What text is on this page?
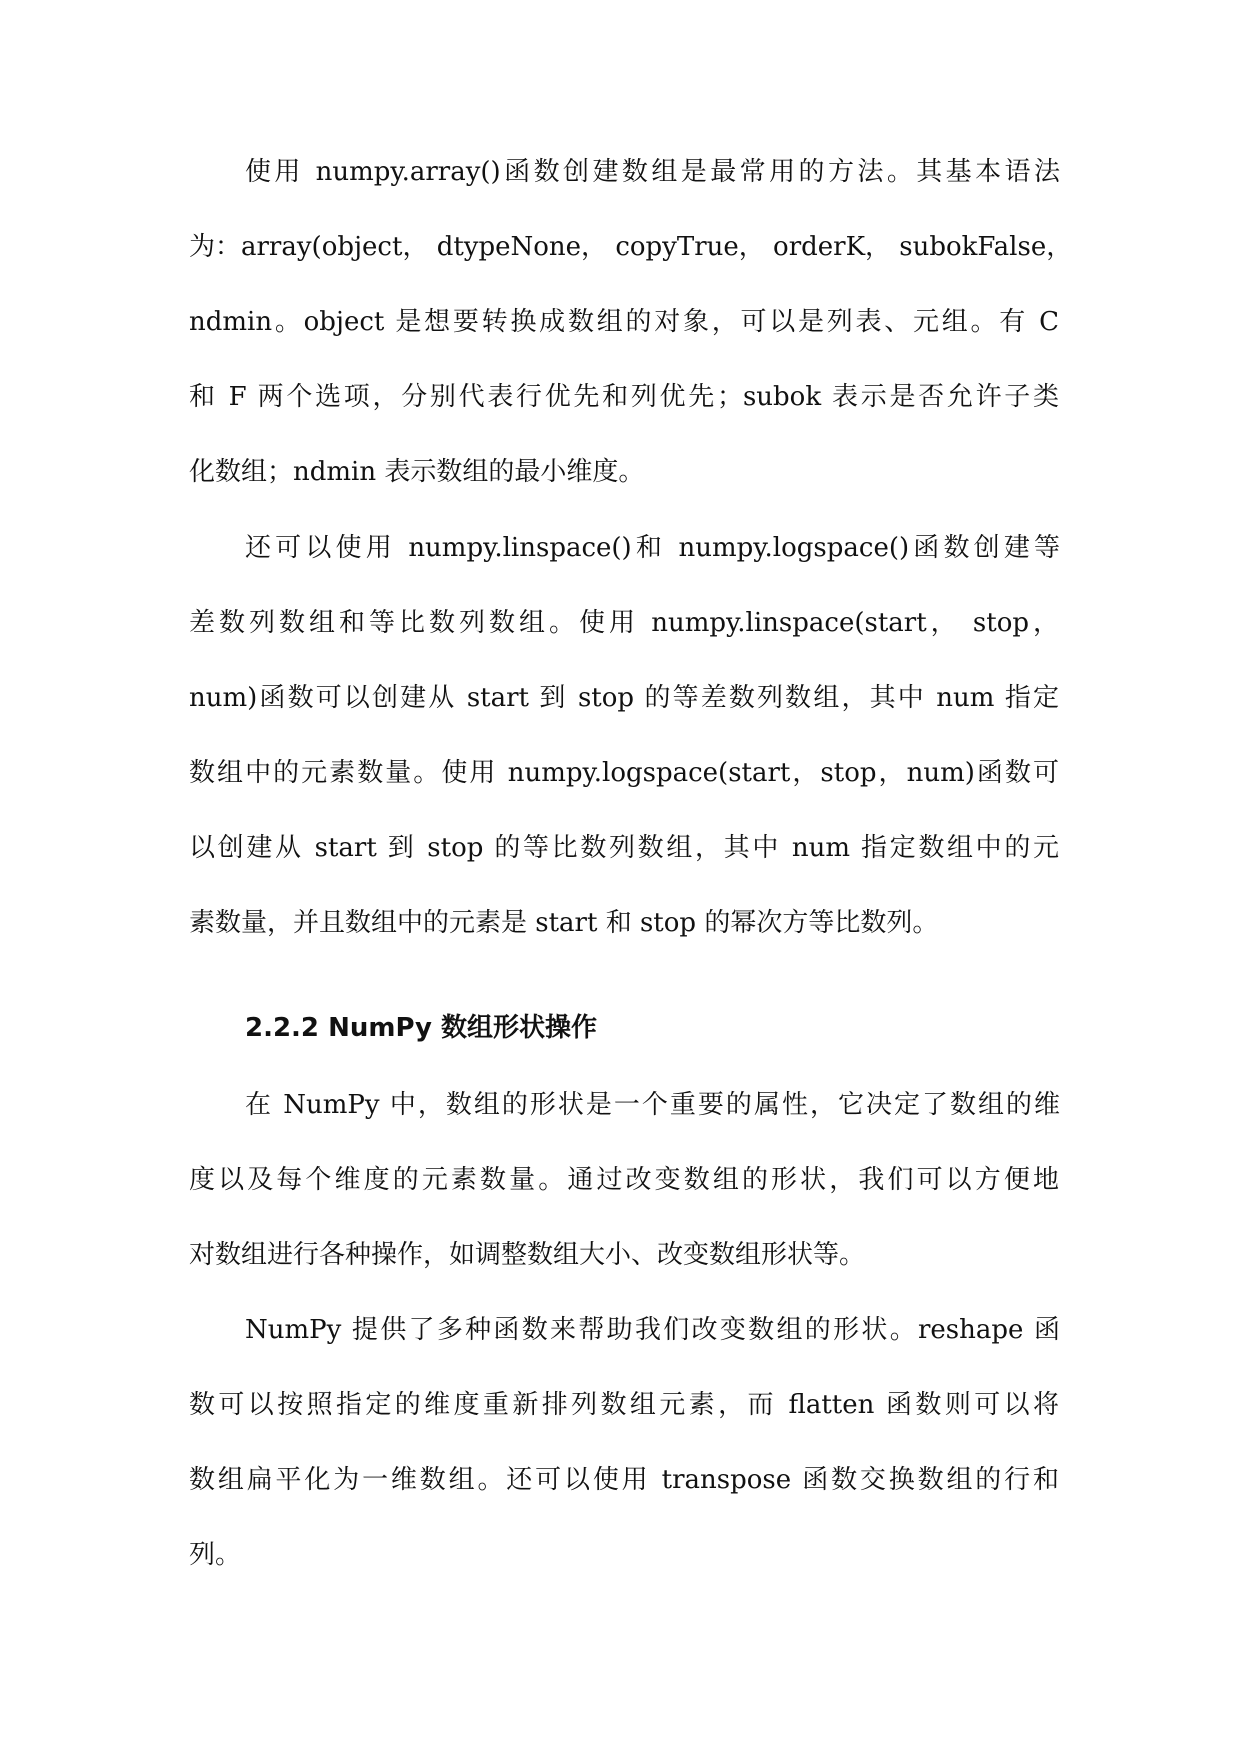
使用 numpy.array()函数创建数组是最常用的方法。其基本语法
为：array(object， dtypeNone， copyTrue， orderK， subokFalse，
ndmin。object 是想要转换成数组的对象，可以是列表、元组。有 C
和 F 两个选项，分别代表行优先和列优先；subok 表示是否允许子类
化数组；ndmin 表示数组的最小维度。
还可以使用 numpy.linspace()和 numpy.logspace()函数创建等
差数列数组和等比数列数组。使用 numpy.linspace(start， stop，
num)函数可以创建从 start 到 stop 的等差数列数组，其中 num 指定
数组中的元素数量。使用 numpy.logspace(start，stop，num)函数可
以创建从 start 到 stop 的等比数列数组，其中 num 指定数组中的元
素数量，并且数组中的元素是 start 和 stop 的幂次方等比数列。
2.2.2 NumPy 数组形状操作
在 NumPy 中，数组的形状是一个重要的属性，它决定了数组的维
度以及每个维度的元素数量。通过改变数组的形状，我们可以方便地
对数组进行各种操作，如调整数组大小、改变数组形状等。
NumPy 提供了多种函数来帮助我们改变数组的形状。reshape 函
数可以按照指定的维度重新排列数组元素，而 flatten 函数则可以将
数组扁平化为一维数组。还可以使用 transpose 函数交换数组的行和
列。
